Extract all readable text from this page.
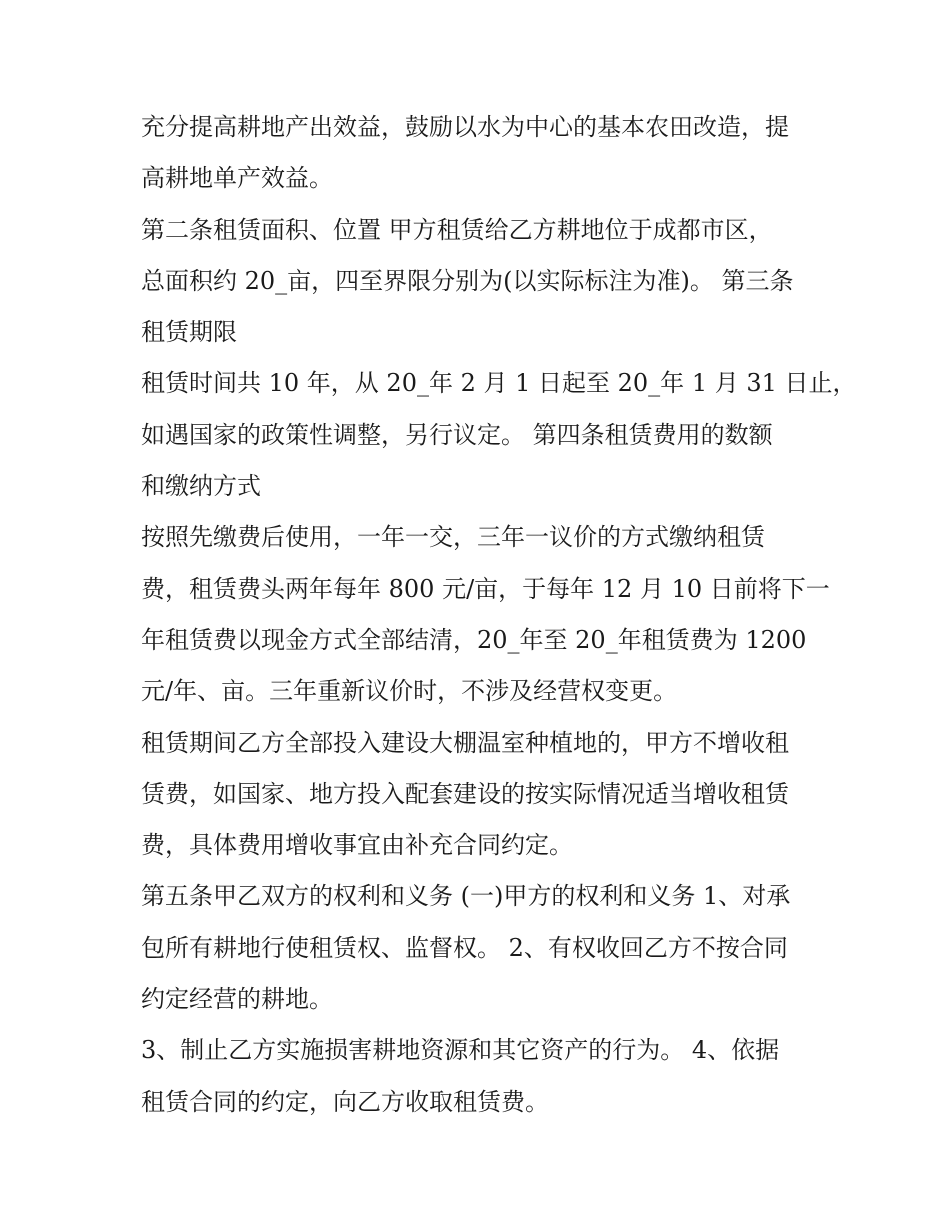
充分提高耕地产出效益，鼓励以水为中心的基本农田改造，提
高耕地单产效益。
第二条租赁面积、位置 甲方租赁给乙方耕地位于成都市区，
总面积约 20_亩，四至界限分别为(以实际标注为准)。 第三条
租赁期限
租赁时间共 10 年，从 20_年 2 月 1 日起至 20_年 1 月 31 日止，
如遇国家的政策性调整，另行议定。 第四条租赁费用的数额
和缴纳方式
按照先缴费后使用，一年一交，三年一议价的方式缴纳租赁
费，租赁费头两年每年 800 元/亩，于每年 12 月 10 日前将下一
年租赁费以现金方式全部结清，20_年至 20_年租赁费为 1200
元/年、亩。三年重新议价时，不涉及经营权变更。
租赁期间乙方全部投入建设大棚温室种植地的，甲方不增收租
赁费，如国家、地方投入配套建设的按实际情况适当增收租赁
费，具体费用增收事宜由补充合同约定。
第五条甲乙双方的权利和义务 (一)甲方的权利和义务 1、对承
包所有耕地行使租赁权、监督权。 2、有权收回乙方不按合同
约定经营的耕地。
3、制止乙方实施损害耕地资源和其它资产的行为。 4、依据
租赁合同的约定，向乙方收取租赁费。
